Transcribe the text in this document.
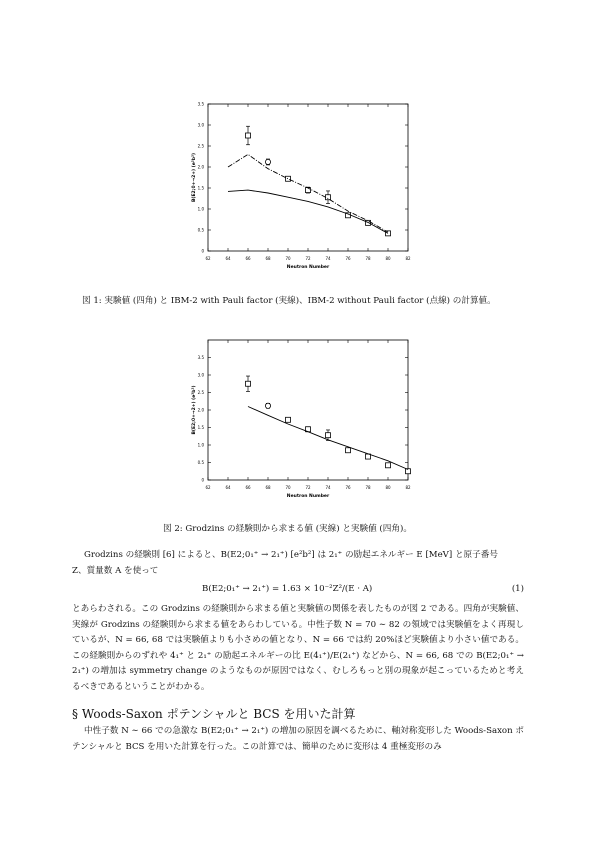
62	64	66	68	70	72	74	76	78	80	82
0
0.5
1.0
1.5
2.0
2.5
3.0
3.5
Neutron Number
B(E2;0+→2+) (e²b²)
62	64	66	68	70	72	74	76	78	80	82
0
0.5
1.0
1.5
2.0
2.5
3.0
3.5
Neutron Number
B(E2;0+→2+) (e²b²)
図 1: 実験値 (四角) と IBM-2 with Pauli factor (実線)、IBM-2 without Pauli factor (点線) の計算値。
図 2: Grodzins の経験則から求まる値 (実線) と実験値 (四角)。

Grodzins の経験則 [6] によると、B(E2;0₁⁺ → 2₁⁺) [e²b²] は 2₁⁺ の励起エネルギー E [MeV] と原子番号

Z、質量数 A を使って

B(E2;0₁⁺ → 2₁⁺) = 1.63 × 10⁻²Z²/(E · A)	(1)

とあらわされる。この Grodzins の経験則から求まる値と実験値の関係を表したものが図 2 である。四角が実験値、実線が Grodzins の経験則から求まる値をあらわしている。中性子数 N = 70 ∼ 82 の領域では実験値をよく再現しているが、N = 66, 68 では実験値よりも小さめの値となり、N = 66 では約 20%ほど実験値より小さい値である。この経験則からのずれや 4₁⁺ と 2₁⁺ の励起エネルギーの比 E(4₁⁺)/E(2₁⁺) などから、N = 66, 68 での B(E2;0₁⁺ → 2₁⁺) の増加は symmetry change のようなものが原因ではなく、むしろもっと別の現象が起こっているためと考えるべきであるということがわかる。

§ Woods-Saxon ポテンシャルと BCS を用いた計算

中性子数 N ∼ 66 での急激な B(E2;0₁⁺ → 2₁⁺) の増加の原因を調べるために、軸対称変形した Woods-Saxon ポテンシャルと BCS を用いた計算を行った。この計算では、簡単のために変形は 4 重極変形のみ
